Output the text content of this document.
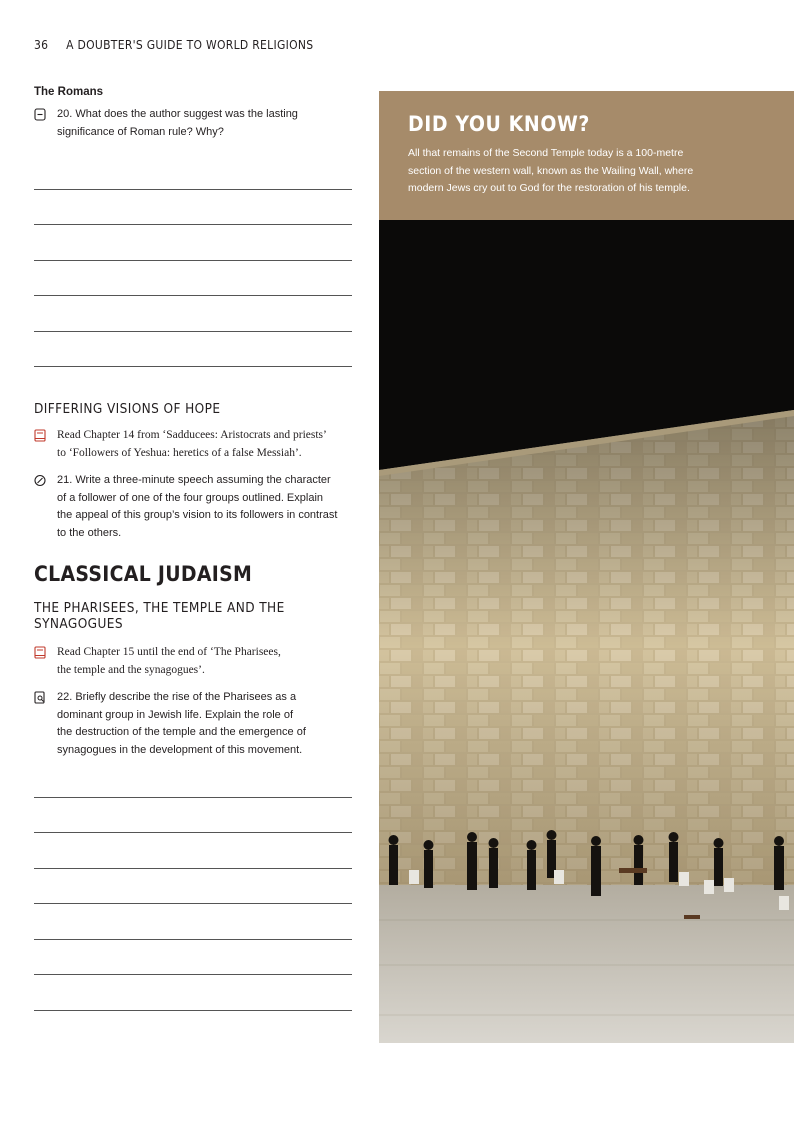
36 A DOUBTER'S GUIDE TO WORLD RELIGIONS
The Romans
20. What does the author suggest was the lasting
significance of Roman rule? Why?
DIFFERING VISIONS OF HOPE
Read Chapter 14 from ‘Sadducees: Aristocrats and priests’
to ‘Followers of Yeshua: heretics of a false Messiah’.
21. Write a three-minute speech assuming the character
of a follower of one of the four groups outlined. Explain
the appeal of this group’s vision to its followers in contrast
to the others.
CLASSICAL JUDAISM
THE PHARISEES, THE TEMPLE AND THE SYNAGOGUES
Read Chapter 15 until the end of ‘The Pharisees,
the temple and the synagogues’.
22. Briefly describe the rise of the Pharisees as a
dominant group in Jewish life. Explain the role of
the destruction of the temple and the emergence of
synagogues in the development of this movement.
DID YOU KNOW?

All that remains of the Second Temple today is a 100-metre
section of the western wall, known as the Wailing Wall, where
modern Jews cry out to God for the restoration of his temple.
